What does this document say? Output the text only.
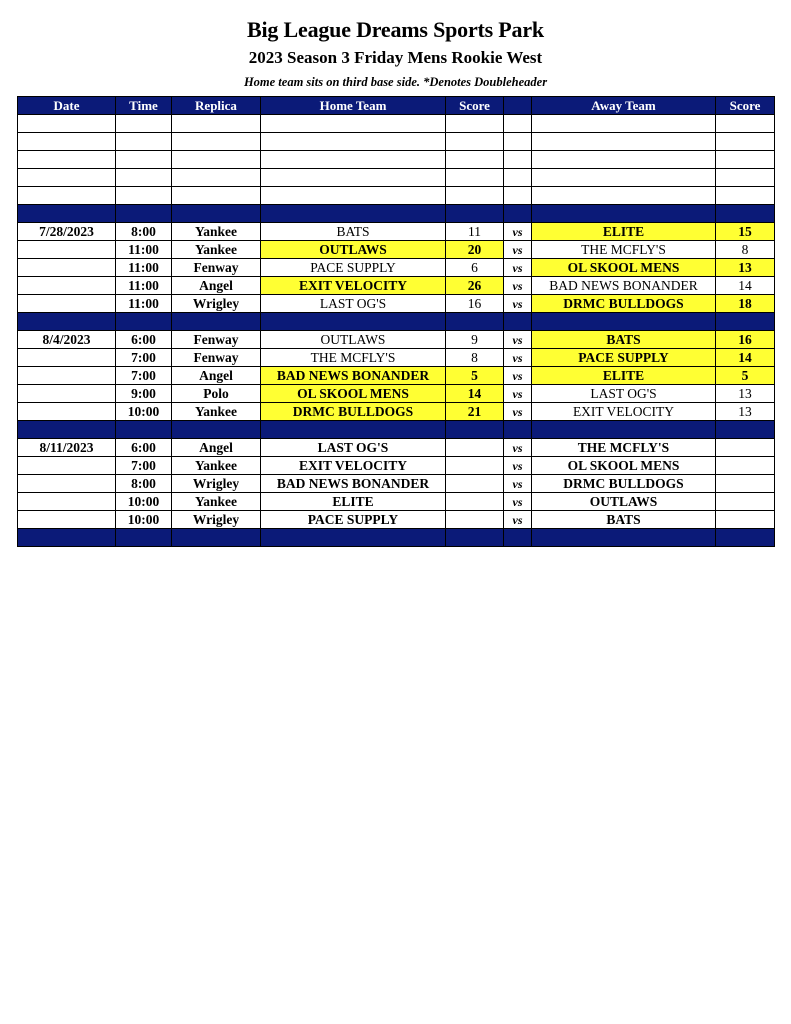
Big League Dreams Sports Park
2023 Season 3 Friday Mens Rookie West
Home team sits on third base side. *Denotes Doubleheader
Date	Time	Replica	Home Team	Score		Away Team	Score

7/28/2023	8:00	Yankee	BATS	11	vs	ELITE	15
	11:00	Yankee	OUTLAWS	20	vs	THE MCFLY'S	8
	11:00	Fenway	PACE SUPPLY	6	vs	OL SKOOL MENS	13
	11:00	Angel	EXIT VELOCITY	26	vs	BAD NEWS BONANDER	14
	11:00	Wrigley	LAST OG'S	16	vs	DRMC BULLDOGS	18

8/4/2023	6:00	Fenway	OUTLAWS	9	vs	BATS	16
	7:00	Fenway	THE MCFLY'S	8	vs	PACE SUPPLY	14
	7:00	Angel	BAD NEWS BONANDER	5	vs	ELITE	5
	9:00	Polo	OL SKOOL MENS	14	vs	LAST OG'S	13
	10:00	Yankee	DRMC BULLDOGS	21	vs	EXIT VELOCITY	13

8/11/2023	6:00	Angel	LAST OG'S		vs	THE MCFLY'S	
	7:00	Yankee	EXIT VELOCITY		vs	OL SKOOL MENS	
	8:00	Wrigley	BAD NEWS BONANDER		vs	DRMC BULLDOGS	
	10:00	Yankee	ELITE		vs	OUTLAWS	
	10:00	Wrigley	PACE SUPPLY		vs	BATS	
